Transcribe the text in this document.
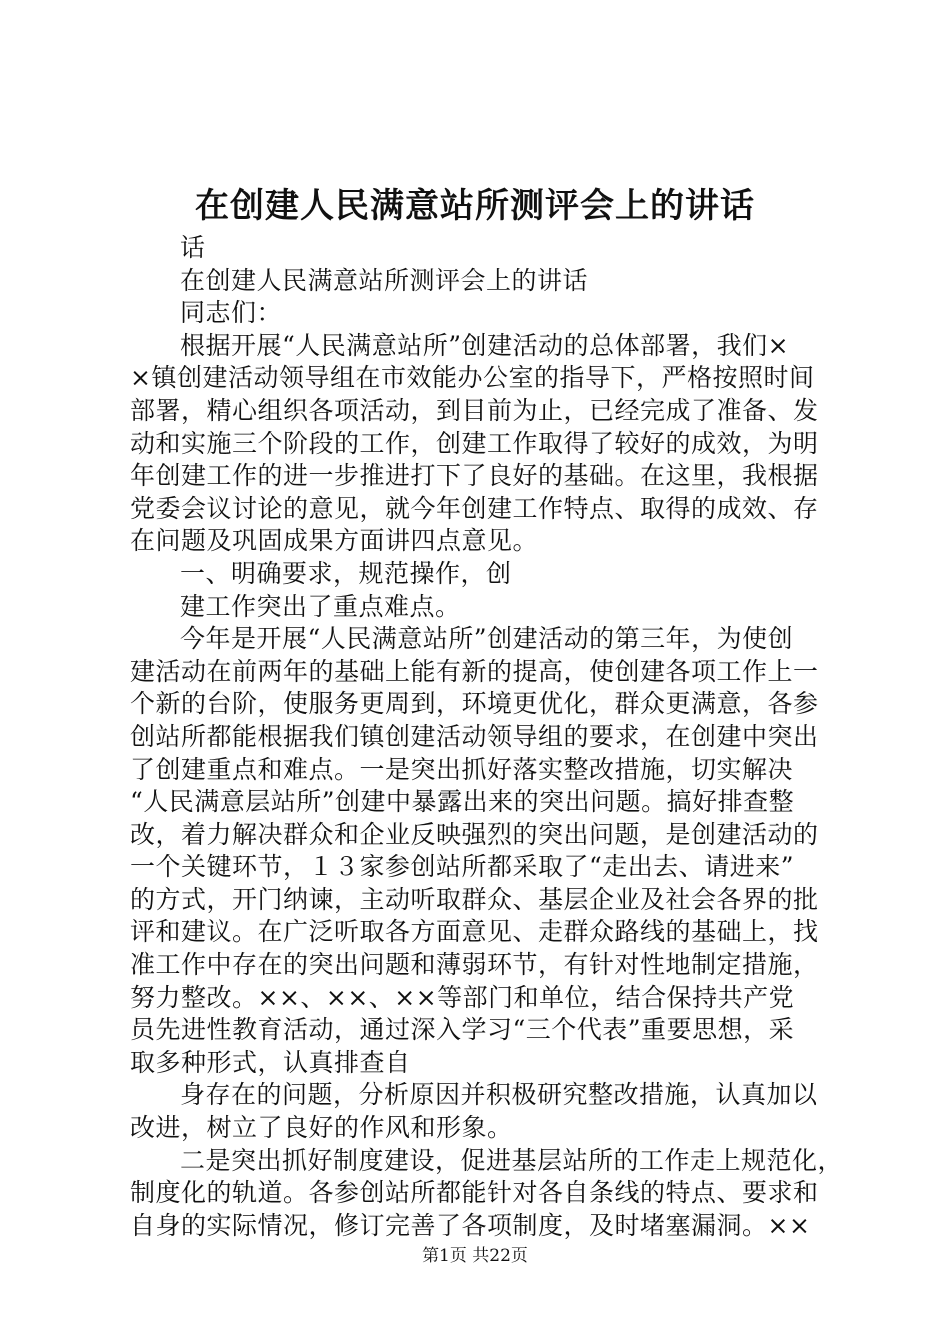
在创建人民满意站所测评会上的讲话
话
在创建人民满意站所测评会上的讲话
同志们：
根据开展“人民满意站所”创建活动的总体部署，我们×
×镇创建活动领导组在市效能办公室的指导下，严格按照时间
部署，精心组织各项活动，到目前为止，已经完成了准备、发
动和实施三个阶段的工作，创建工作取得了较好的成效，为明
年创建工作的进一步推进打下了良好的基础。在这里，我根据
党委会议讨论的意见，就今年创建工作特点、取得的成效、存
在问题及巩固成果方面讲四点意见。
一、明确要求，规范操作，创
建工作突出了重点难点。
今年是开展“人民满意站所”创建活动的第三年，为使创
建活动在前两年的基础上能有新的提高，使创建各项工作上一
个新的台阶，使服务更周到，环境更优化，群众更满意，各参
创站所都能根据我们镇创建活动领导组的要求，在创建中突出
了创建重点和难点。一是突出抓好落实整改措施，切实解决
“人民满意层站所”创建中暴露出来的突出问题。搞好排查整
改，着力解决群众和企业反映强烈的突出问题，是创建活动的
一个关键环节，１３家参创站所都采取了“走出去、请进来”
的方式，开门纳谏，主动听取群众、基层企业及社会各界的批
评和建议。在广泛听取各方面意见、走群众路线的基础上，找
准工作中存在的突出问题和薄弱环节，有针对性地制定措施，
努力整改。××、××、××等部门和单位，结合保持共产党
员先进性教育活动，通过深入学习“三个代表”重要思想，采
取多种形式，认真排查自
身存在的问题，分析原因并积极研究整改措施，认真加以
改进，树立了良好的作风和形象。
二是突出抓好制度建设，促进基层站所的工作走上规范化，
制度化的轨道。各参创站所都能针对各自条线的特点、要求和
自身的实际情况，修订完善了各项制度，及时堵塞漏洞。××
第1页 共22页
